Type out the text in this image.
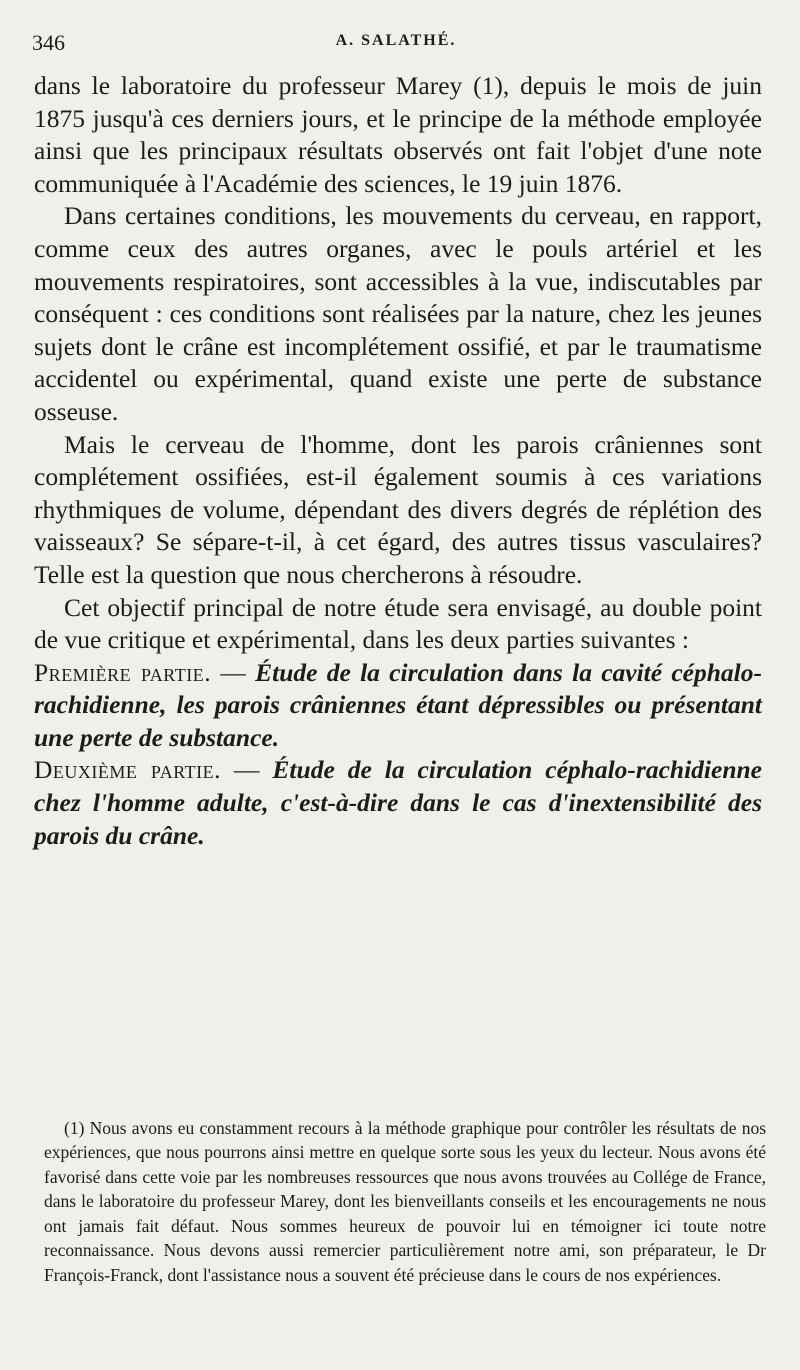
346	A. SALATHÉ.

dans le laboratoire du professeur Marey (1), depuis le mois de juin 1875 jusqu'à ces derniers jours, et le principe de la méthode employée ainsi que les principaux résultats observés ont fait l'objet d'une note communiquée à l'Académie des sciences, le 19 juin 1876.

Dans certaines conditions, les mouvements du cerveau, en rapport, comme ceux des autres organes, avec le pouls artériel et les mouvements respiratoires, sont accessibles à la vue, indiscutables par conséquent : ces conditions sont réalisées par la nature, chez les jeunes sujets dont le crâne est incomplétement ossifié, et par le traumatisme accidentel ou expérimental, quand existe une perte de substance osseuse.

Mais le cerveau de l'homme, dont les parois crâniennes sont complétement ossifiées, est-il également soumis à ces variations rhythmiques de volume, dépendant des divers degrés de réplétion des vaisseaux? Se sépare-t-il, à cet égard, des autres tissus vasculaires? Telle est la question que nous chercherons à résoudre.

Cet objectif principal de notre étude sera envisagé, au double point de vue critique et expérimental, dans les deux parties suivantes :

Première partie. — Étude de la circulation dans la cavité céphalo-rachidienne, les parois crâniennes étant dépressibles ou présentant une perte de substance.

Deuxième partie. — Étude de la circulation céphalo-rachidienne chez l'homme adulte, c'est-à-dire dans le cas d'inextensibilité des parois du crâne.

(1) Nous avons eu constamment recours à la méthode graphique pour contrôler les résultats de nos expériences, que nous pourrons ainsi mettre en quelque sorte sous les yeux du lecteur. Nous avons été favorisé dans cette voie par les nombreuses ressources que nous avons trouvées au Collége de France, dans le laboratoire du professeur Marey, dont les bienveillants conseils et les encouragements ne nous ont jamais fait défaut. Nous sommes heureux de pouvoir lui en témoigner ici toute notre reconnaissance. Nous devons aussi remercier particulièrement notre ami, son préparateur, le Dr François-Franck, dont l'assistance nous a souvent été précieuse dans le cours de nos expériences.
